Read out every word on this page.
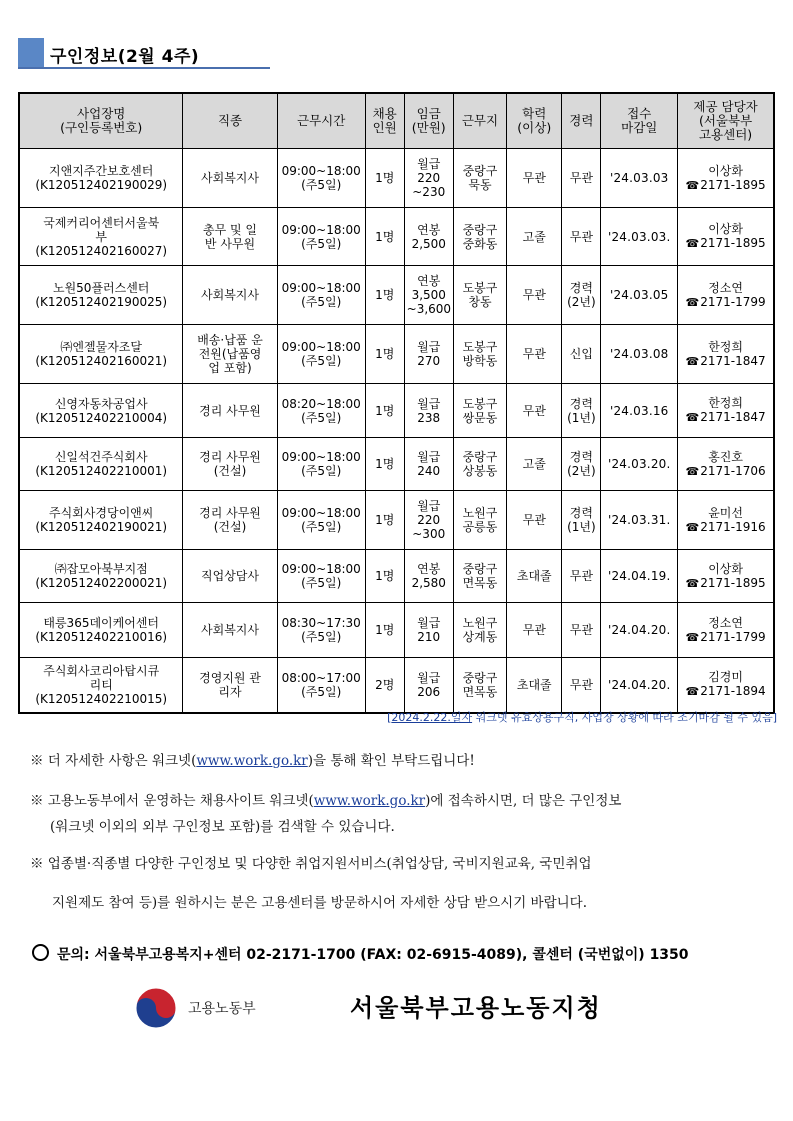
구인정보(2월 4주)
사업장명
(구인등록번호)	직종	근무시간	채용
인원	임금
(만원)	근무지	학력
(이상)	경력	접수
마감일	제공 담당자
(서울북부
고용센터)

지앤지주간보호센터
(K120512402190029)	사회복지사	09:00~18:00
(주5일)	1명	월급
220
~230	중랑구
묵동	무관	무관	'24.03.03	이상화
☎2171-1895

국제커리어센터서울북
부
(K120512402160027)	총무 및 일
반 사무원	09:00~18:00
(주5일)	1명	연봉
2,500	중랑구
중화동	고졸	무관	'24.03.03.	이상화
☎2171-1895

노원50플러스센터
(K120512402190025)	사회복지사	09:00~18:00
(주5일)	1명	연봉
3,500
~3,600	도봉구
창동	무관	경력
(2년)	'24.03.05	정소연
☎2171-1799

㈜엔젤물자조달
(K120512402160021)	배송·납품 운
전원(납품영
업 포함)	09:00~18:00
(주5일)	1명	월급
270	도봉구
방학동	무관	신입	'24.03.08	한정희
☎2171-1847

신영자동차공업사
(K120512402210004)	경리 사무원	08:20~18:00
(주5일)	1명	월급
238	도봉구
쌍문동	무관	경력
(1년)	'24.03.16	한정희
☎2171-1847

신일석건주식회사
(K120512402210001)	경리 사무원
(건설)	09:00~18:00
(주5일)	1명	월급
240	중랑구
상봉동	고졸	경력
(2년)	'24.03.20.	홍진호
☎2171-1706

주식회사경당이앤씨
(K120512402190021)	경리 사무원
(건설)	09:00~18:00
(주5일)	1명	월급
220
~300	노원구
공릉동	무관	경력
(1년)	'24.03.31.	윤미선
☎2171-1916

㈜잡모아북부지점
(K120512402200021)	직업상담사	09:00~18:00
(주5일)	1명	연봉
2,580	중랑구
면목동	초대졸	무관	'24.04.19.	이상화
☎2171-1895

태릉365데이케어센터
(K120512402210016)	사회복지사	08:30~17:30
(주5일)	1명	월급
210	노원구
상계동	무관	무관	'24.04.20.	정소연
☎2171-1799

주식회사코리아탑시큐
리티
(K120512402210015)	경영지원 관
리자	08:00~17:00
(주5일)	2명	월급
206	중랑구
면목동	초대졸	무관	'24.04.20.	김경미
☎2171-1894
[2024.2.22.일자 워크넷 유효상용구직, 사업장 상황에 따라 조기마감 될 수 있음]
※ 더 자세한 사항은 워크넷(www.work.go.kr)을 통해 확인 부탁드립니다!
※ 고용노동부에서 운영하는 채용사이트 워크넷(www.work.go.kr)에 접속하시면, 더 많은 구인정보
(워크넷 이외의 외부 구인정보 포함)를 검색할 수 있습니다.
※ 업종별·직종별 다양한 구인정보 및 다양한 취업지원서비스(취업상담, 국비지원교육, 국민취업
지원제도 참여 등)를 원하시는 분은 고용센터를 방문하시어 자세한 상담 받으시기 바랍니다.
문의: 서울북부고용복지+센터 02-2171-1700 (FAX: 02-6915-4089), 콜센터 (국번없이) 1350
고용노동부	서울북부고용노동지청
